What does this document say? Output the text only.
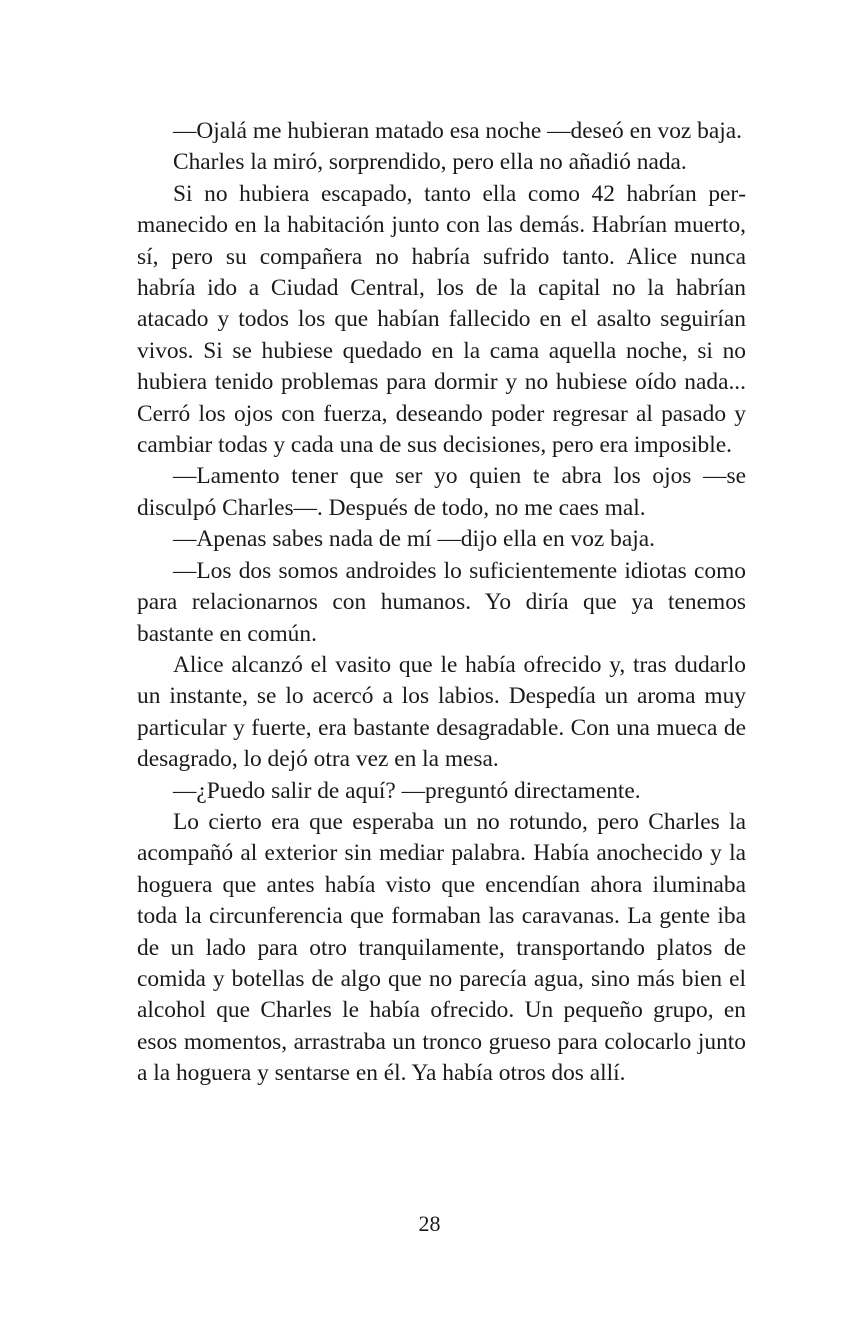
—Ojalá me hubieran matado esa noche —deseó en voz baja.

Charles la miró, sorprendido, pero ella no añadió nada.

Si no hubiera escapado, tanto ella como 42 habrían permanecido en la habitación junto con las demás. Habrían muerto, sí, pero su compañera no habría sufrido tanto. Alice nunca habría ido a Ciudad Central, los de la capital no la habrían atacado y todos los que habían fallecido en el asalto seguirían vivos. Si se hubiese quedado en la cama aquella noche, si no hubiera tenido problemas para dormir y no hubiese oído nada... Cerró los ojos con fuerza, deseando poder regresar al pasado y cambiar todas y cada una de sus decisiones, pero era imposible.

—Lamento tener que ser yo quien te abra los ojos —se disculpó Charles—. Después de todo, no me caes mal.

—Apenas sabes nada de mí —dijo ella en voz baja.

—Los dos somos androides lo suficientemente idiotas como para relacionarnos con humanos. Yo diría que ya tenemos bastante en común.

Alice alcanzó el vasito que le había ofrecido y, tras dudarlo un instante, se lo acercó a los labios. Despedía un aroma muy particular y fuerte, era bastante desagradable. Con una mueca de desagrado, lo dejó otra vez en la mesa.

—¿Puedo salir de aquí? —preguntó directamente.

Lo cierto era que esperaba un no rotundo, pero Charles la acompañó al exterior sin mediar palabra. Había anochecido y la hoguera que antes había visto que encendían ahora iluminaba toda la circunferencia que formaban las caravanas. La gente iba de un lado para otro tranquilamente, transportando platos de comida y botellas de algo que no parecía agua, sino más bien el alcohol que Charles le había ofrecido. Un pequeño grupo, en esos momentos, arrastraba un tronco grueso para colocarlo junto a la hoguera y sentarse en él. Ya había otros dos allí.

28
